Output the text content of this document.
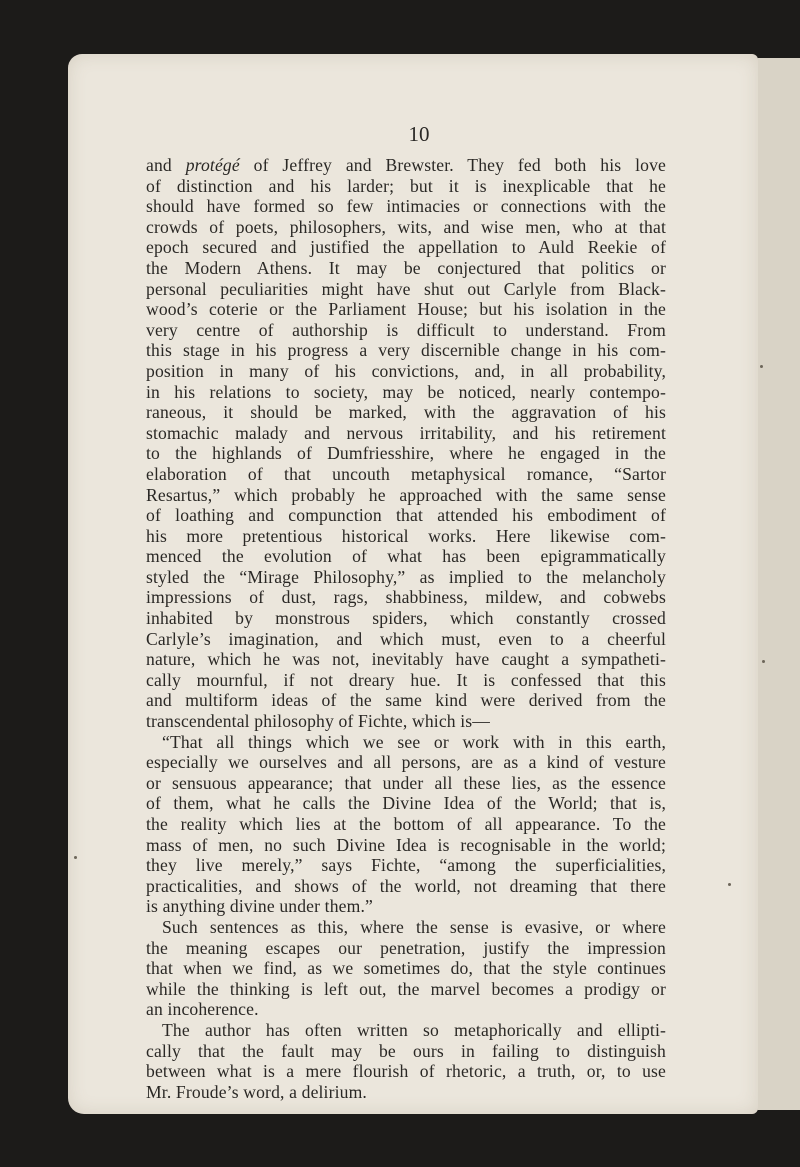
10
and protégé of Jeffrey and Brewster. They fed both his love
of distinction and his larder; but it is inexplicable that he
should have formed so few intimacies or connections with the
crowds of poets, philosophers, wits, and wise men, who at that
epoch secured and justified the appellation to Auld Reekie of
the Modern Athens. It may be conjectured that politics or
personal peculiarities might have shut out Carlyle from Black-
wood’s coterie or the Parliament House; but his isolation in the
very centre of authorship is difficult to understand. From
this stage in his progress a very discernible change in his com-
position in many of his convictions, and, in all probability,
in his relations to society, may be noticed, nearly contempo-
raneous, it should be marked, with the aggravation of his
stomachic malady and nervous irritability, and his retirement
to the highlands of Dumfriesshire, where he engaged in the
elaboration of that uncouth metaphysical romance, “Sartor
Resartus,” which probably he approached with the same sense
of loathing and compunction that attended his embodiment of
his more pretentious historical works. Here likewise com-
menced the evolution of what has been epigrammatically
styled the “Mirage Philosophy,” as implied to the melancholy
impressions of dust, rags, shabbiness, mildew, and cobwebs
inhabited by monstrous spiders, which constantly crossed
Carlyle’s imagination, and which must, even to a cheerful
nature, which he was not, inevitably have caught a sympatheti-
cally mournful, if not dreary hue. It is confessed that this
and multiform ideas of the same kind were derived from the
transcendental philosophy of Fichte, which is—
“That all things which we see or work with in this earth,
especially we ourselves and all persons, are as a kind of vesture
or sensuous appearance; that under all these lies, as the essence
of them, what he calls the Divine Idea of the World; that is,
the reality which lies at the bottom of all appearance. To the
mass of men, no such Divine Idea is recognisable in the world;
they live merely,” says Fichte, “among the superficialities,
practicalities, and shows of the world, not dreaming that there
is anything divine under them.”
Such sentences as this, where the sense is evasive, or where
the meaning escapes our penetration, justify the impression
that when we find, as we sometimes do, that the style continues
while the thinking is left out, the marvel becomes a prodigy or
an incoherence.
The author has often written so metaphorically and ellipti-
cally that the fault may be ours in failing to distinguish
between what is a mere flourish of rhetoric, a truth, or, to use
Mr. Froude’s word, a delirium.
